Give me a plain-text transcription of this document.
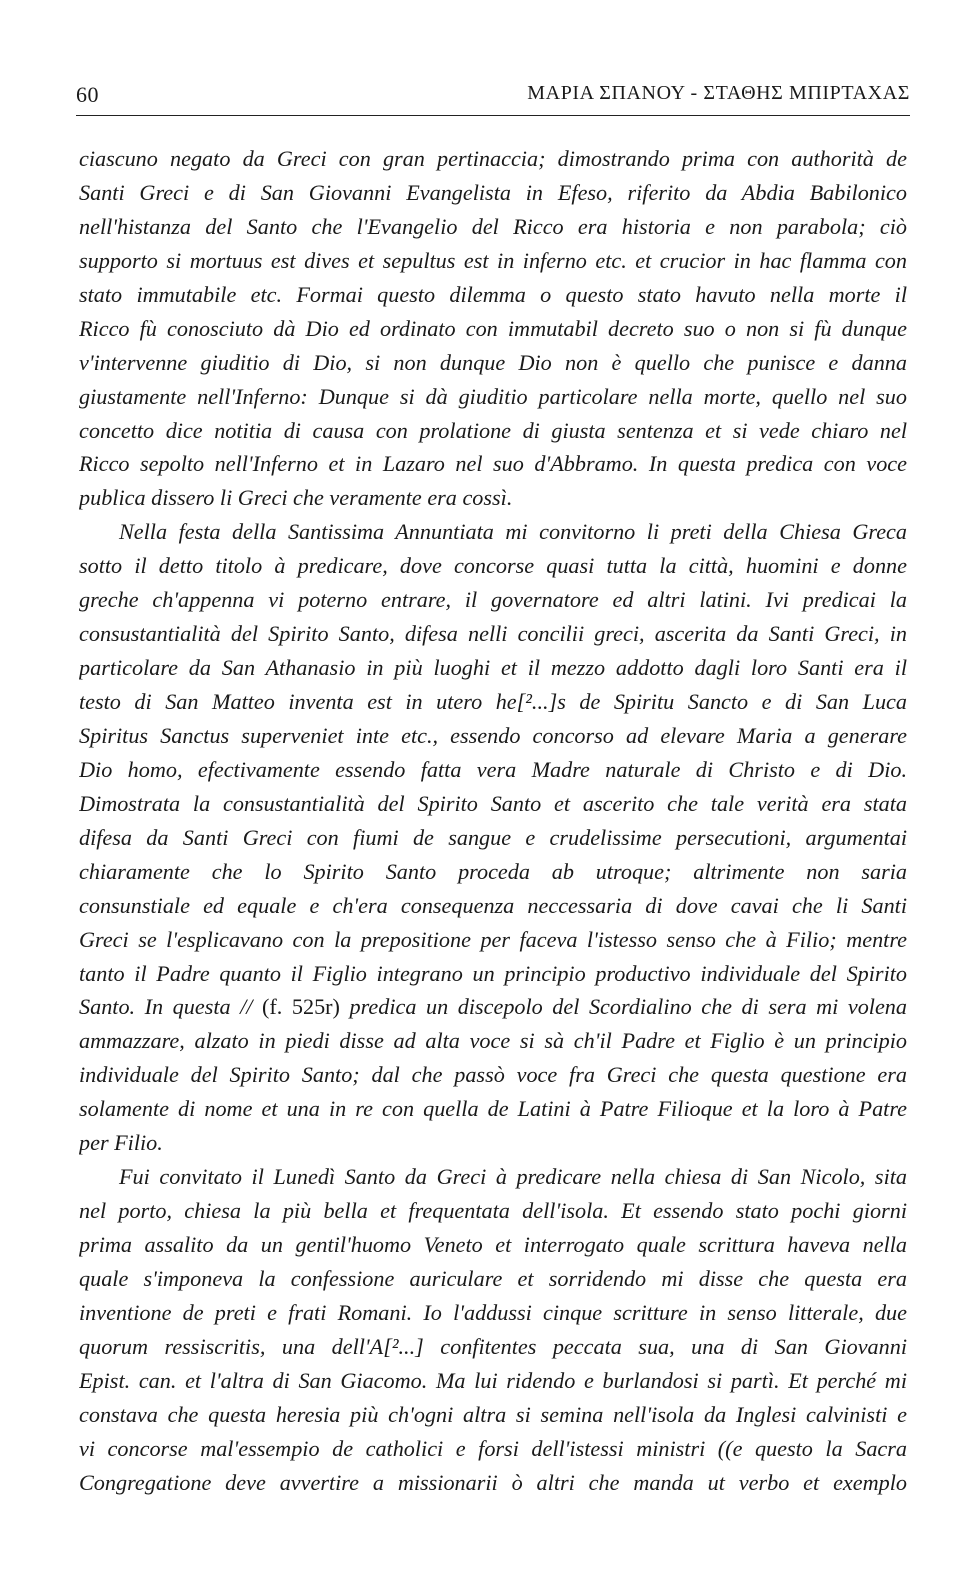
60	ΜΑΡΙΑ ΣΠΑΝΟΥ - ΣΤΑΘΗΣ ΜΠΙΡΤΑΧΑΣ
ciascuno negato da Greci con gran pertinaccia; dimostrando prima con authorità de
Santi Greci e di San Giovanni Evangelista in Efeso, riferito da Abdia Babilonico
nell'histanza del Santo che l'Evangelio del Ricco era historia e non parabola; ciò
supporto si mortuus est dives et sepultus est in inferno etc. et crucior in hac flamma con
stato immutabile etc. Formai questo dilemma o questo stato havuto nella morte il
Ricco fù conosciuto dà Dio ed ordinato con immutabil decreto suo o non si fù dunque
v'intervenne giuditio di Dio, si non dunque Dio non è quello che punisce e danna
giustamente nell'Inferno: Dunque si dà giuditio particolare nella morte, quello nel suo
concetto dice notitia di causa con prolatione di giusta sentenza et si vede chiaro nel
Ricco sepolto nell'Inferno et in Lazaro nel suo d'Abbramo. In questa predica con voce
publica dissero li Greci che veramente era cossì.
Nella festa della Santissima Annuntiata mi convitorno li preti della Chiesa Greca
sotto il detto titolo à predicare, dove concorse quasi tutta la città, huomini e donne
greche ch'appenna vi poterno entrare, il governatore ed altri latini. Ivi predicai la
consustantialità del Spirito Santo, difesa nelli concilii greci, ascerita da Santi Greci, in
particolare da San Athanasio in più luoghi et il mezzo addotto dagli loro Santi era il
testo di San Matteo inventa est in utero he[²...]s de Spiritu Sancto e di San Luca
Spiritus Sanctus superveniet inte etc., essendo concorso ad elevare Maria a generare
Dio homo, efectivamente essendo fatta vera Madre naturale di Christo e di Dio.
Dimostrata la consustantialità del Spirito Santo et ascerito che tale verità era stata
difesa da Santi Greci con fiumi de sangue e crudelissime persecutioni, argumentai
chiaramente che lo Spirito Santo proceda ab utroque; altrimente non saria
consunstiale ed equale e ch'era consequenza neccessaria di dove cavai che li Santi
Greci se l'esplicavano con la prepositione per faceva l'istesso senso che à Filio; mentre
tanto il Padre quanto il Figlio integrano un principio productivo individuale del Spirito
Santo. In questa // (f. 525r) predica un discepolo del Scordialino che di sera mi volena
ammazzare, alzato in piedi disse ad alta voce si sà ch'il Padre et Figlio è un principio
individuale del Spirito Santo; dal che passò voce fra Greci che questa questione era
solamente di nome et una in re con quella de Latini à Patre Filioque et la loro à Patre
per Filio.
Fui convitato il Lunedì Santo da Greci à predicare nella chiesa di San Nicolo, sita
nel porto, chiesa la più bella et frequentata dell'isola. Et essendo stato pochi giorni
prima assalito da un gentil'huomo Veneto et interrogato quale scrittura haveva nella
quale s'imponeva la confessione auriculare et sorridendo mi disse che questa era
inventione de preti e frati Romani. Io l'addussi cinque scritture in senso litterale, due
quorum ressiscritis, una dell'A[²...] confitentes peccata sua, una di San Giovanni
Epist. can. et l'altra di San Giacomo. Ma lui ridendo e burlandosi si partì. Et perché mi
constava che questa heresia più ch'ogni altra si semina nell'isola da Inglesi calvinisti e
vi concorse mal'essempio de catholici e forsi dell'istessi ministri ((e questo la Sacra
Congregatione deve avvertire a missionarii ò altri che manda ut verbo et exemplo
